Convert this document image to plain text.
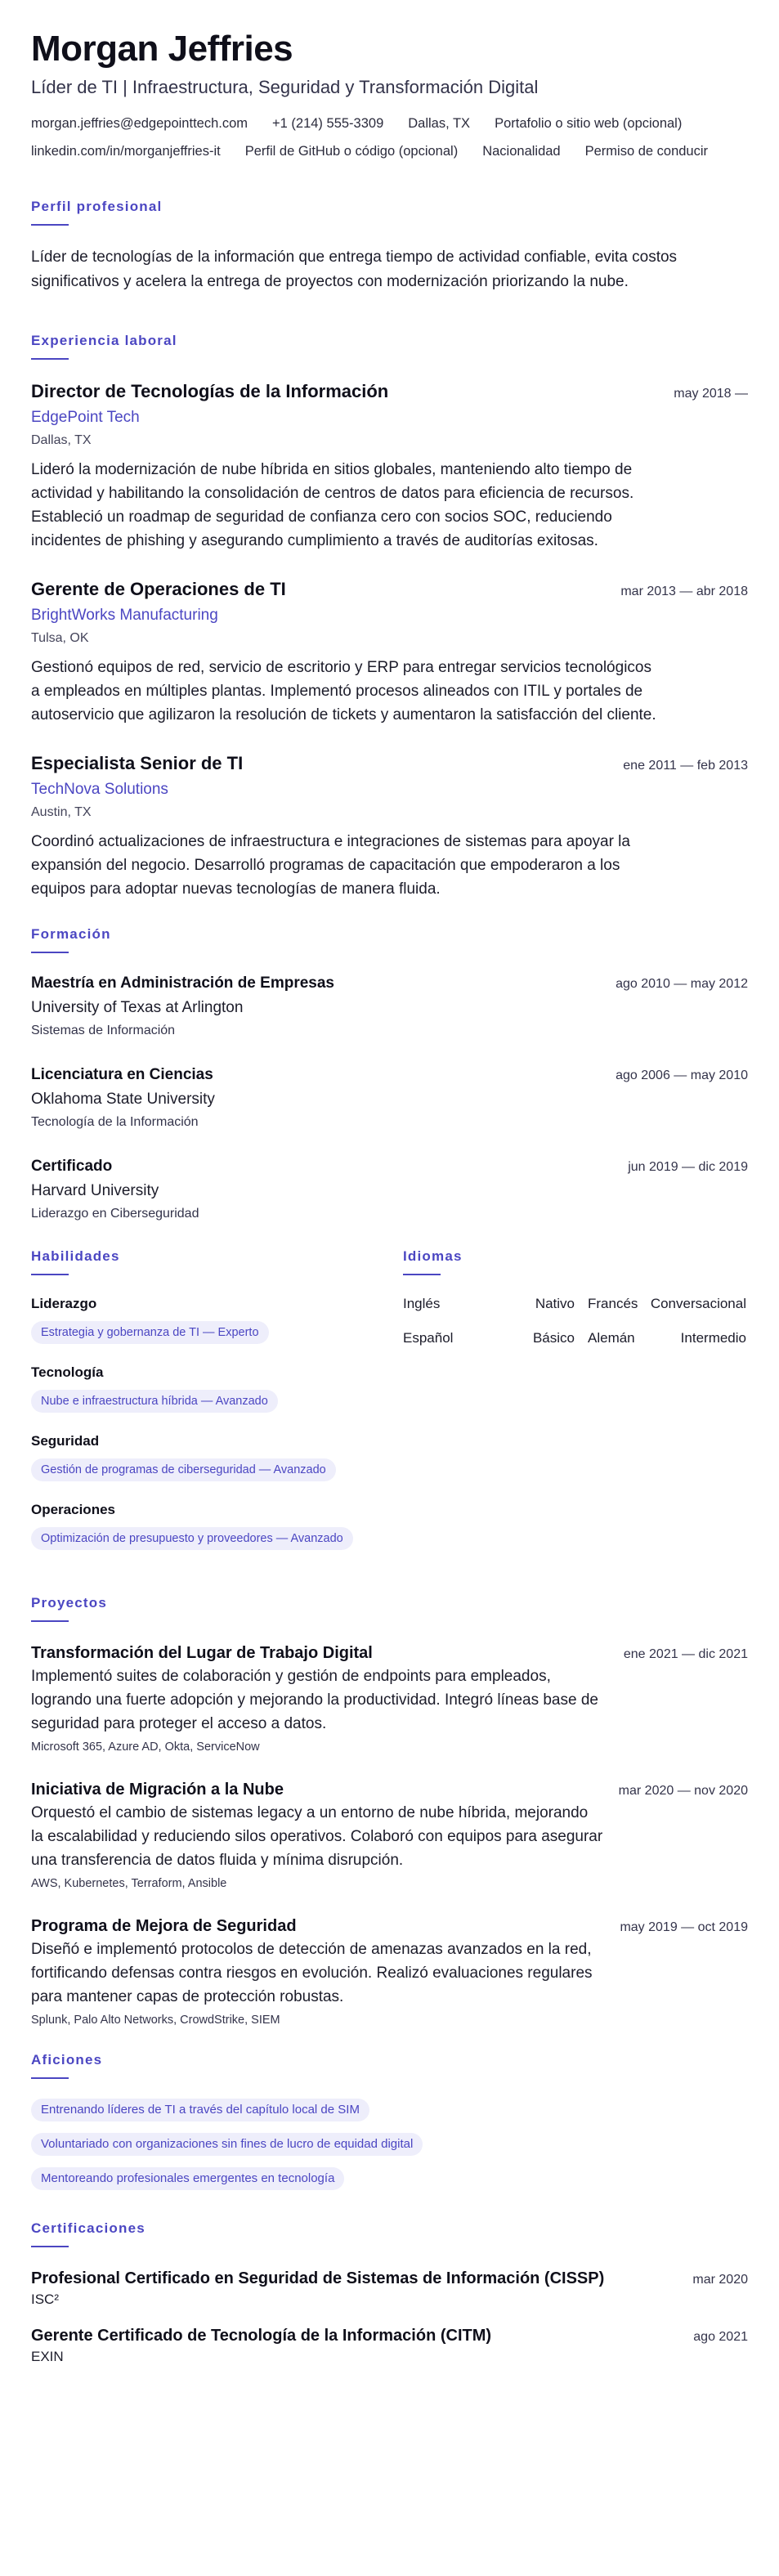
Morgan Jeffries
Líder de TI | Infraestructura, Seguridad y Transformación Digital
morgan.jeffries@edgepointtech.com +1 (214) 555-3309 Dallas, TX Portafolio o sitio web (opcional)
linkedin.com/in/morganjeffries-it Perfil de GitHub o código (opcional) Nacionalidad Permiso de conducir
Perfil profesional

Líder de tecnologías de la información que entrega tiempo de actividad confiable, evita costos significativos y acelera la entrega de proyectos con modernización priorizando la nube.

Experiencia laboral
Director de Tecnologías de la Información	may 2018 —
EdgePoint Tech
Dallas, TX

Lideró la modernización de nube híbrida en sitios globales, manteniendo alto tiempo de actividad y habilitando la consolidación de centros de datos para eficiencia de recursos. Estableció un roadmap de seguridad de confianza cero con socios SOC, reduciendo incidentes de phishing y asegurando cumplimiento a través de auditorías exitosas.

Gerente de Operaciones de TI	mar 2013 — abr 2018
BrightWorks Manufacturing
Tulsa, OK

Gestionó equipos de red, servicio de escritorio y ERP para entregar servicios tecnológicos a empleados en múltiples plantas. Implementó procesos alineados con ITIL y portales de autoservicio que agilizaron la resolución de tickets y aumentaron la satisfacción del cliente.

Especialista Senior de TI	ene 2011 — feb 2013
TechNova Solutions
Austin, TX

Coordinó actualizaciones de infraestructura e integraciones de sistemas para apoyar la expansión del negocio. Desarrolló programas de capacitación que empoderaron a los equipos para adoptar nuevas tecnologías de manera fluida.

Formación
Maestría en Administración de Empresas	ago 2010 — may 2012
University of Texas at Arlington
Sistemas de Información
Licenciatura en Ciencias	ago 2006 — may 2010
Oklahoma State University
Tecnología de la Información
Certificado	jun 2019 — dic 2019
Harvard University
Liderazgo en Ciberseguridad
Habilidades
Liderazgo
Estrategia y gobernanza de TI — Experto
Tecnología
Nube e infraestructura híbrida — Avanzado
Seguridad
Gestión de programas de ciberseguridad — Avanzado
Operaciones
Optimización de presupuesto y proveedores — Avanzado
Idiomas
Inglés	Nativo Francés Conversacional
Español	Básico Alemán	Intermedio
Proyectos
Transformación del Lugar de Trabajo Digital	ene 2021 — dic 2021

Implementó suites de colaboración y gestión de endpoints para empleados, logrando una fuerte adopción y mejorando la productividad. Integró líneas base de seguridad para proteger el acceso a datos.

Microsoft 365, Azure AD, Okta, ServiceNow
Iniciativa de Migración a la Nube	mar 2020 — nov 2020

Orquestó el cambio de sistemas legacy a un entorno de nube híbrida, mejorando la escalabilidad y reduciendo silos operativos. Colaboró con equipos para asegurar una transferencia de datos fluida y mínima disrupción.

AWS, Kubernetes, Terraform, Ansible
Programa de Mejora de Seguridad	may 2019 — oct 2019

Diseñó e implementó protocolos de detección de amenazas avanzados en la red, fortificando defensas contra riesgos en evolución. Realizó evaluaciones regulares para mantener capas de protección robustas.

Splunk, Palo Alto Networks, CrowdStrike, SIEM
Aficiones
Entrenando líderes de TI a través del capítulo local de SIM
Voluntariado con organizaciones sin fines de lucro de equidad digital
Mentoreando profesionales emergentes en tecnología
Certificaciones
Profesional Certificado en Seguridad de Sistemas de Información (CISSP)	mar 2020
ISC²
Gerente Certificado de Tecnología de la Información (CITM)	ago 2021
EXIN
